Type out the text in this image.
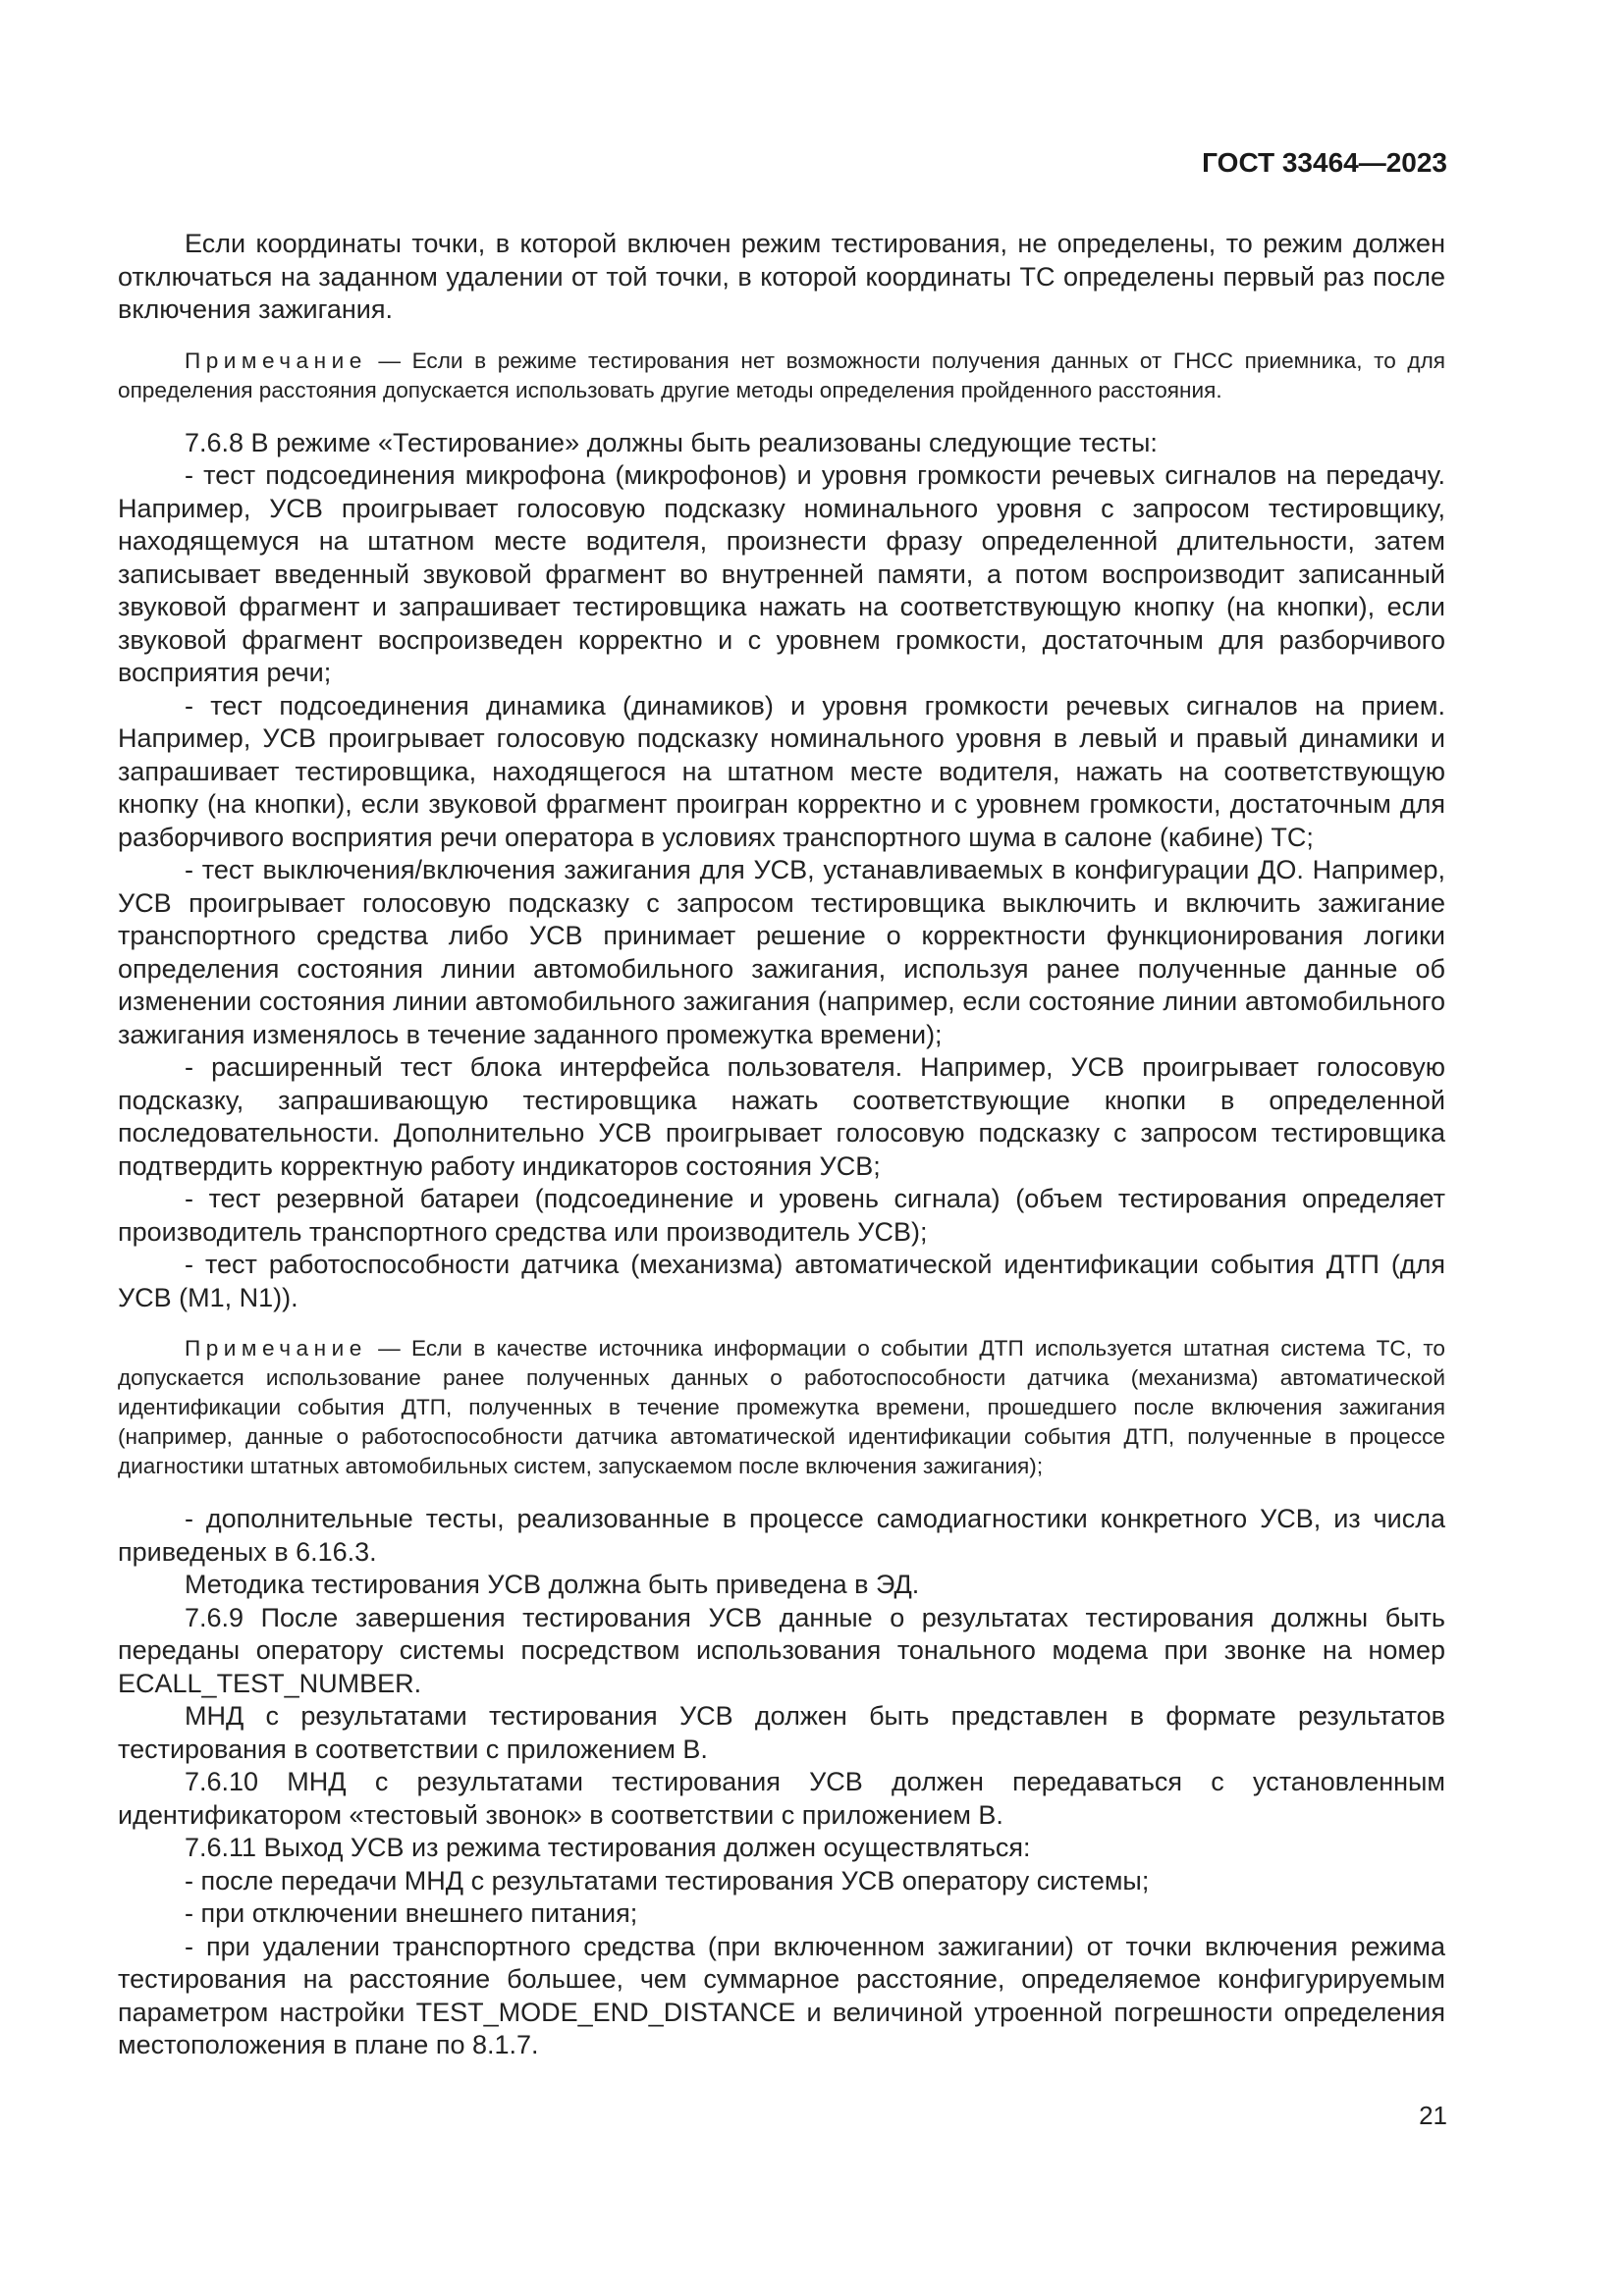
ГОСТ 33464—2023

Если координаты точки, в которой включен режим тестирования, не определены, то режим должен отключаться на заданном удалении от той точки, в которой координаты ТС определены первый раз после включения зажигания.

Примечание — Если в режиме тестирования нет возможности получения данных от ГНСС приемника, то для определения расстояния допускается использовать другие методы определения пройденного расстояния.

7.6.8 В режиме «Тестирование» должны быть реализованы следующие тесты:

- тест подсоединения микрофона (микрофонов) и уровня громкости речевых сигналов на передачу. Например, УСВ проигрывает голосовую подсказку номинального уровня с запросом тестировщику, находящемуся на штатном месте водителя, произнести фразу определенной длительности, затем записывает введенный звуковой фрагмент во внутренней памяти, а потом воспроизводит записанный звуковой фрагмент и запрашивает тестировщика нажать на соответствующую кнопку (на кнопки), если звуковой фрагмент воспроизведен корректно и с уровнем громкости, достаточным для разборчивого восприятия речи;

- тест подсоединения динамика (динамиков) и уровня громкости речевых сигналов на прием. Например, УСВ проигрывает голосовую подсказку номинального уровня в левый и правый динамики и запрашивает тестировщика, находящегося на штатном месте водителя, нажать на соответствующую кнопку (на кнопки), если звуковой фрагмент проигран корректно и с уровнем громкости, достаточным для разборчивого восприятия речи оператора в условиях транспортного шума в салоне (кабине) ТС;

- тест выключения/включения зажигания для УСВ, устанавливаемых в конфигурации ДО. Например, УСВ проигрывает голосовую подсказку с запросом тестировщика выключить и включить зажигание транспортного средства либо УСВ принимает решение о корректности функционирования логики определения состояния линии автомобильного зажигания, используя ранее полученные данные об изменении состояния линии автомобильного зажигания (например, если состояние линии автомобильного зажигания изменялось в течение заданного промежутка времени);

- расширенный тест блока интерфейса пользователя. Например, УСВ проигрывает голосовую подсказку, запрашивающую тестировщика нажать соответствующие кнопки в определенной последовательности. Дополнительно УСВ проигрывает голосовую подсказку с запросом тестировщика подтвердить корректную работу индикаторов состояния УСВ;

- тест резервной батареи (подсоединение и уровень сигнала) (объем тестирования определяет производитель транспортного средства или производитель УСВ);

- тест работоспособности датчика (механизма) автоматической идентификации события ДТП (для УСВ (M1, N1)).

Примечание — Если в качестве источника информации о событии ДТП используется штатная система ТС, то допускается использование ранее полученных данных о работоспособности датчика (механизма) автоматической идентификации события ДТП, полученных в течение промежутка времени, прошедшего после включения зажигания (например, данные о работоспособности датчика автоматической идентификации события ДТП, полученные в процессе диагностики штатных автомобильных систем, запускаемом после включения зажигания);

- дополнительные тесты, реализованные в процессе самодиагностики конкретного УСВ, из числа приведеных в 6.16.3.

Методика тестирования УСВ должна быть приведена в ЭД.

7.6.9 После завершения тестирования УСВ данные о результатах тестирования должны быть переданы оператору системы посредством использования тонального модема при звонке на номер ECALL_TEST_NUMBER.

МНД с результатами тестирования УСВ должен быть представлен в формате результатов тестирования в соответствии с приложением В.

7.6.10 МНД с результатами тестирования УСВ должен передаваться с установленным идентификатором «тестовый звонок» в соответствии с приложением В.

7.6.11 Выход УСВ из режима тестирования должен осуществляться:

- после передачи МНД с результатами тестирования УСВ оператору системы;

- при отключении внешнего питания;

- при удалении транспортного средства (при включенном зажигании) от точки включения режима тестирования на расстояние большее, чем суммарное расстояние, определяемое конфигурируемым параметром настройки TEST_MODE_END_DISTANCE и величиной утроенной погрешности определения местоположения в плане по 8.1.7.

21
